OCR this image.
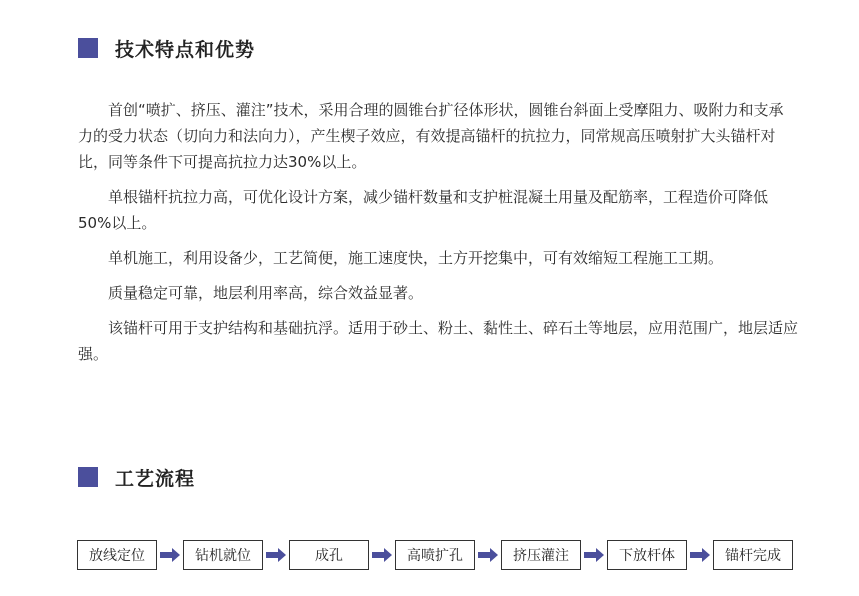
技术特点和优势

首创“喷扩、挤压、灌注”技术，采用合理的圆锥台扩径体形状，圆锥台斜面上受摩阻力、吸附力和支承力的受力状态（切向力和法向力），产生楔子效应，有效提高锚杆的抗拉力，同常规高压喷射扩大头锚杆对比，同等条件下可提高抗拉力达30%以上。

单根锚杆抗拉力高，可优化设计方案，减少锚杆数量和支护桩混凝土用量及配筋率，工程造价可降低50%以上。

单机施工，利用设备少，工艺简便，施工速度快，土方开挖集中，可有效缩短工程施工工期。

质量稳定可靠，地层利用率高，综合效益显著。

该锚杆可用于支护结构和基础抗浮。适用于砂土、粉土、黏性土、碎石土等地层，应用范围广，地层适应强。

工艺流程
放线定位	钻机就位	成孔	高喷扩孔	挤压灌注	下放杆体	锚杆完成
